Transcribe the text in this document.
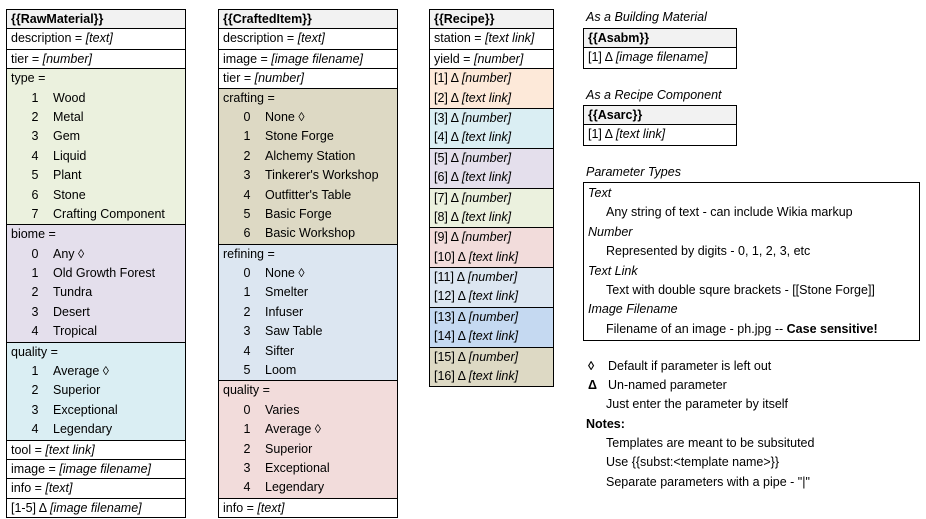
{{RawMaterial}}
description = [text]
tier = [number]
type =
1	Wood
2	Metal
3	Gem
4	Liquid
5	Plant
6	Stone
7	Crafting Component
biome =
0	Any ◊
1	Old Growth Forest
2	Tundra
3	Desert
4	Tropical
quality =
1	Average ◊
2	Superior
3	Exceptional
4	Legendary
tool = [text link]
image = [image filename]
info = [text]
[1-5] Δ [image filename]
{{CraftedItem}}
description = [text]
image = [image filename]
tier = [number]
crafting =
0	None ◊
1	Stone Forge
2	Alchemy Station
3	Tinkerer's Workshop
4	Outfitter's Table
5	Basic Forge
6	Basic Workshop
refining =
0	None ◊
1	Smelter
2	Infuser
3	Saw Table
4	Sifter
5	Loom
quality =
0	Varies
1	Average ◊
2	Superior
3	Exceptional
4	Legendary
info = [text]
{{Recipe}}
station = [text link]
yield = [number]
[1] Δ [number]
[2] Δ [text link]
[3] Δ [number]
[4] Δ [text link]
[5] Δ [number]
[6] Δ [text link]
[7] Δ [number]
[8] Δ [text link]
[9] Δ [number]
[10] Δ [text link]
[11] Δ [number]
[12] Δ [text link]
[13] Δ [number]
[14] Δ [text link]
[15] Δ [number]
[16] Δ [text link]
As a Building Material
{{Asabm}}
[1] Δ [image filename]
As a Recipe Component
{{Asarc}}
[1] Δ [text link]
Parameter Types
Text
Any string of text - can include Wikia markup
Number
Represented by digits - 0, 1, 2, 3, etc
Text Link
Text with double squre brackets - [[Stone Forge]]
Image Filename
Filename of an image - ph.jpg -- Case sensitive!
◊ Default if parameter is left out
Δ Un-named parameter
Just enter the parameter by itself
Notes:
Templates are meant to be subsituted
Use {{subst:<template name>}}
Separate parameters with a pipe - "|"
